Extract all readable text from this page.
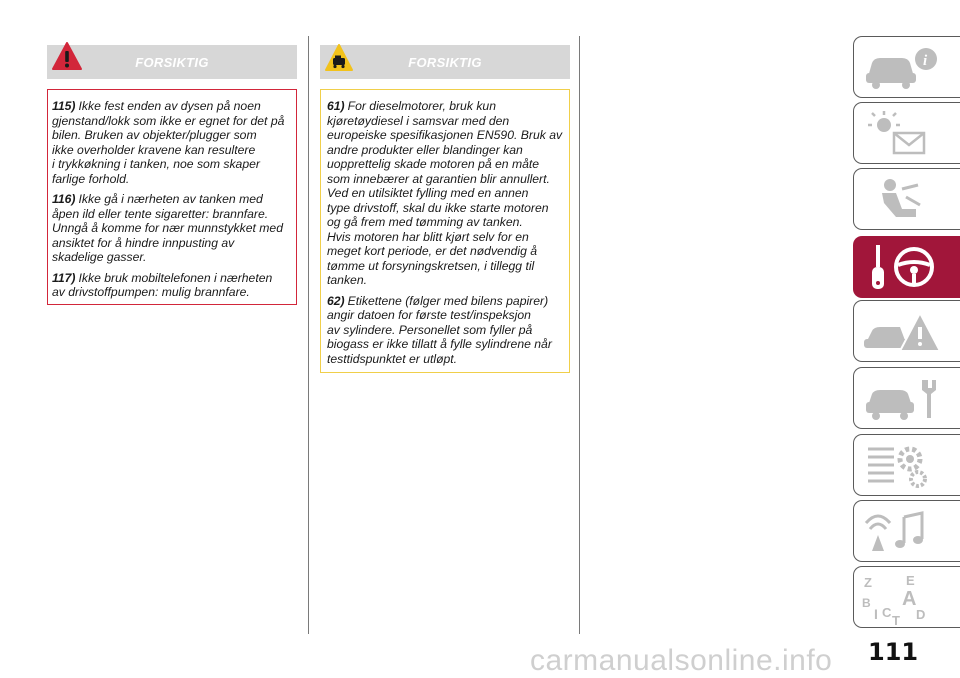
FORSIKTIG

115) Ikke fest enden av dysen på noen
gjenstand/lokk som ikke er egnet for det på
bilen. Bruken av objekter/plugger som
ikke overholder kravene kan resultere
i trykkøkning i tanken, noe som skaper
farlige forhold.

116) Ikke gå i nærheten av tanken med
åpen ild eller tente sigaretter: brannfare.
Unngå å komme for nær munnstykket med
ansiktet for å hindre innpusting av
skadelige gasser.

117) Ikke bruk mobiltelefonen i nærheten
av drivstoffpumpen: mulig brannfare.

FORSIKTIG

61) For dieselmotorer, bruk kun
kjøretøydiesel i samsvar med den
europeiske spesifikasjonen EN590. Bruk av
andre produkter eller blandinger kan
uopprettelig skade motoren på en måte
som innebærer at garantien blir annullert.
Ved en utilsiktet fylling med en annen
type drivstoff, skal du ikke starte motoren
og gå frem med tømming av tanken.
Hvis motoren har blitt kjørt selv for en
meget kort periode, er det nødvendig å
tømme ut forsyningskretsen, i tillegg til
tanken.

62) Etikettene (følger med bilens papirer)
angir datoen for første test/inspeksjon
av sylindere. Personellet som fyller på
biogass er ikke tillatt å fylle sylindrene når
testtidspunktet er utløpt.

i
Z	E
B A
I C
T D
carmanualsonline.info 111
